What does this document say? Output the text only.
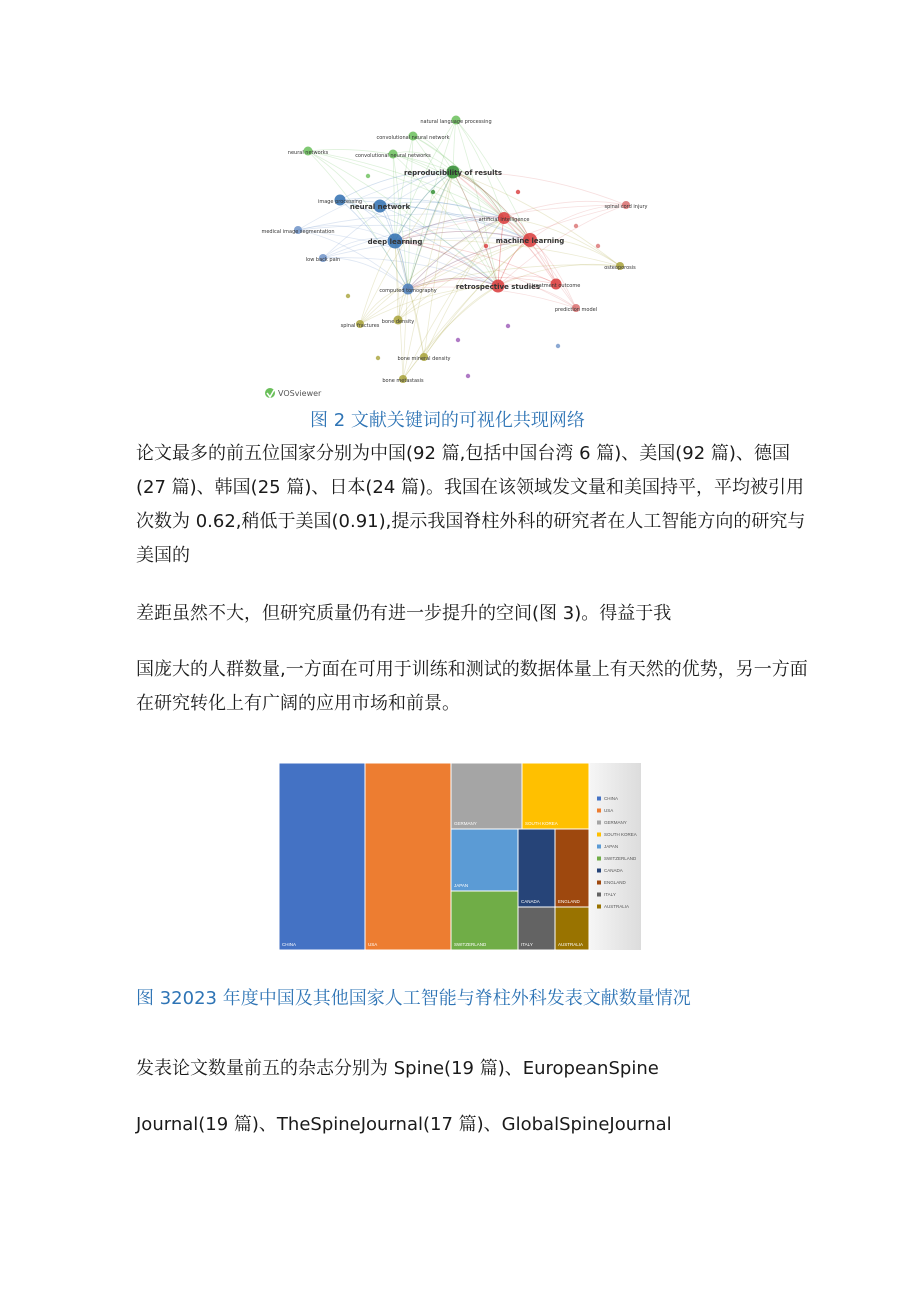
natural language processing
convolutional neural network
convolutional neural networks
neural networks
reproducibility of results
image processing
neural network
artificial intelligence
medical image segmentation
deep learning	machine learning
low back pain
computed tomography	retrospective studies
treatment outcome
spinal fractures
bone density
spinal cord injury
bone mineral density
bone metastasis
osteoporosis
prediction model
VOSviewer
图 2 文献关键词的可视化共现网络

论文最多的前五位国家分别为中国(92 篇,包括中国台湾 6 篇)、美国(92 篇)、德国(27 篇)、韩国(25 篇)、日本(24 篇)。我国在该领域发文量和美国持平，平均被引用次数为 0.62,稍低于美国(0.91),提示我国脊柱外科的研究者在人工智能方向的研究与美国的

差距虽然不大，但研究质量仍有进一步提升的空间(图 3)。得益于我

国庞大的人群数量,一方面在可用于训练和测试的数据体量上有天然的优势，另一方面在研究转化上有广阔的应用市场和前景。

CHINA	USA
GERMANY	SOUTH KOREA
JAPAN
SWITZERLAND
CANADA	ENGLAND
ITALY	AUSTRALIA
CHINA
USA
GERMANY
SOUTH KOREA
JAPAN
SWITZERLAND
CANADA
ENGLAND
ITALY
AUSTRALIA
图 32023 年度中国及其他国家人工智能与脊柱外科发表文献数量情况

发表论文数量前五的杂志分别为 Spine(19 篇)、EuropeanSpine

Journal(19 篇)、TheSpineJournal(17 篇)、GlobalSpineJournal
